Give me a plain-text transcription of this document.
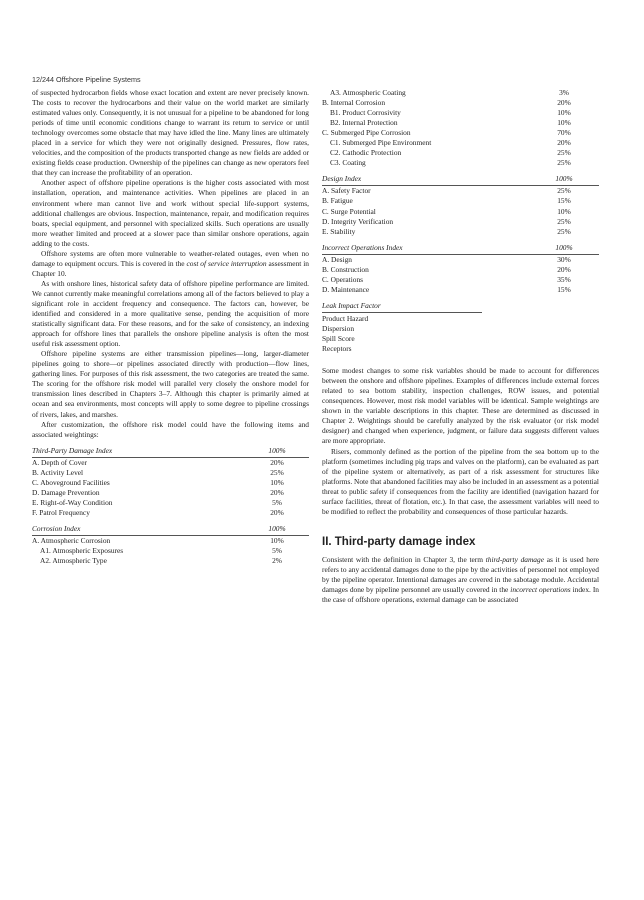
12/244 Offshore Pipeline Systems

of suspected hydrocarbon fields whose exact location and extent are never precisely known. The costs to recover the hydrocarbons and their value on the world market are similarly estimated values only. Consequently, it is not unusual for a pipeline to be abandoned for long periods of time until economic conditions change to warrant its return to service or until technology overcomes some obstacle that may have idled the line. Many lines are ultimately placed in a service for which they were not originally designed. Pressures, flow rates, velocities, and the composition of the products transported change as new fields are added or existing fields cease production. Ownership of the pipelines can change as new operators feel that they can increase the profitability of an operation.

Another aspect of offshore pipeline operations is the higher costs associated with most installation, operation, and maintenance activities. When pipelines are placed in an environment where man cannot live and work without special life-support systems, additional challenges are obvious. Inspection, maintenance, repair, and modification requires boats, special equipment, and personnel with specialized skills. Such operations are usually more weather limited and proceed at a slower pace than similar onshore operations, again adding to the costs.

Offshore systems are often more vulnerable to weather-related outages, even when no damage to equipment occurs. This is covered in the cost of service interruption assessment in Chapter 10.

As with onshore lines, historical safety data of offshore pipeline performance are limited. We cannot currently make meaningful correlations among all of the factors believed to play a significant role in accident frequency and consequence. The factors can, however, be identified and considered in a more qualitative sense, pending the acquisition of more statistically significant data. For these reasons, and for the sake of consistency, an indexing approach for offshore lines that parallels the onshore pipeline analysis is often the most useful risk assessment option.

Offshore pipeline systems are either transmission pipelines—long, larger-diameter pipelines going to shore—or pipelines associated directly with production—flow lines, gathering lines. For purposes of this risk assessment, the two categories are treated the same. The scoring for the offshore risk model will parallel very closely the onshore model for transmission lines described in Chapters 3–7. Although this chapter is primarily aimed at ocean and sea environments, most concepts will apply to some degree to pipeline crossings of rivers, lakes, and marshes.

After customization, the offshore risk model could have the following items and associated weightings:

Third-Party Damage Index	100%
A. Depth of Cover	20%
B. Activity Level	25%
C. Aboveground Facilities	10%
D. Damage Prevention	20%
E. Right-of-Way Condition	5%
F. Patrol Frequency	20%
Corrosion Index	100%
A. Atmospheric Corrosion	10%
A1. Atmospheric Exposures	5%
A2. Atmospheric Type	2%
A3. Atmospheric Coating	3%
B. Internal Corrosion	20%
B1. Product Corrosivity	10%
B2. Internal Protection	10%
C. Submerged Pipe Corrosion	70%
C1. Submerged Pipe Environment	20%
C2. Cathodic Protection	25%
C3. Coating	25%
Design Index	100%
A. Safety Factor	25%
B. Fatigue	15%
C. Surge Potential	10%
D. Integrity Verification	25%
E. Stability	25%
Incorrect Operations Index	100%
A. Design	30%
B. Construction	20%
C. Operations	35%
D. Maintenance	15%
Leak Impact Factor
Product Hazard
Dispersion
Spill Score
Receptors

Some modest changes to some risk variables should be made to account for differences between the onshore and offshore pipelines. Examples of differences include external forces related to sea bottom stability, inspection challenges, ROW issues, and potential consequences. However, most risk model variables will be identical. Sample weightings are shown in the variable descriptions in this chapter. These are determined as discussed in Chapter 2. Weightings should be carefully analyzed by the risk evaluator (or risk model designer) and changed when experience, judgment, or failure data suggests different values are more appropriate.

Risers, commonly defined as the portion of the pipeline from the sea bottom up to the platform (sometimes including pig traps and valves on the platform), can be evaluated as part of the pipeline system or alternatively, as part of a risk assessment for structures like platforms. Note that abandoned facilities may also be included in an assessment as a potential threat to public safety if consequences from the facility are identified (navigation hazard for surface facilities, threat of flotation, etc.). In that case, the assessment variables will need to be modified to reflect the probability and consequences of those particular hazards.

II. Third-party damage index

Consistent with the definition in Chapter 3, the term third-party damage as it is used here refers to any accidental damages done to the pipe by the activities of personnel not employed by the pipeline operator. Intentional damages are covered in the sabotage module. Accidental damages done by pipeline personnel are usually covered in the incorrect operations index. In the case of offshore operations, external damage can be associated
